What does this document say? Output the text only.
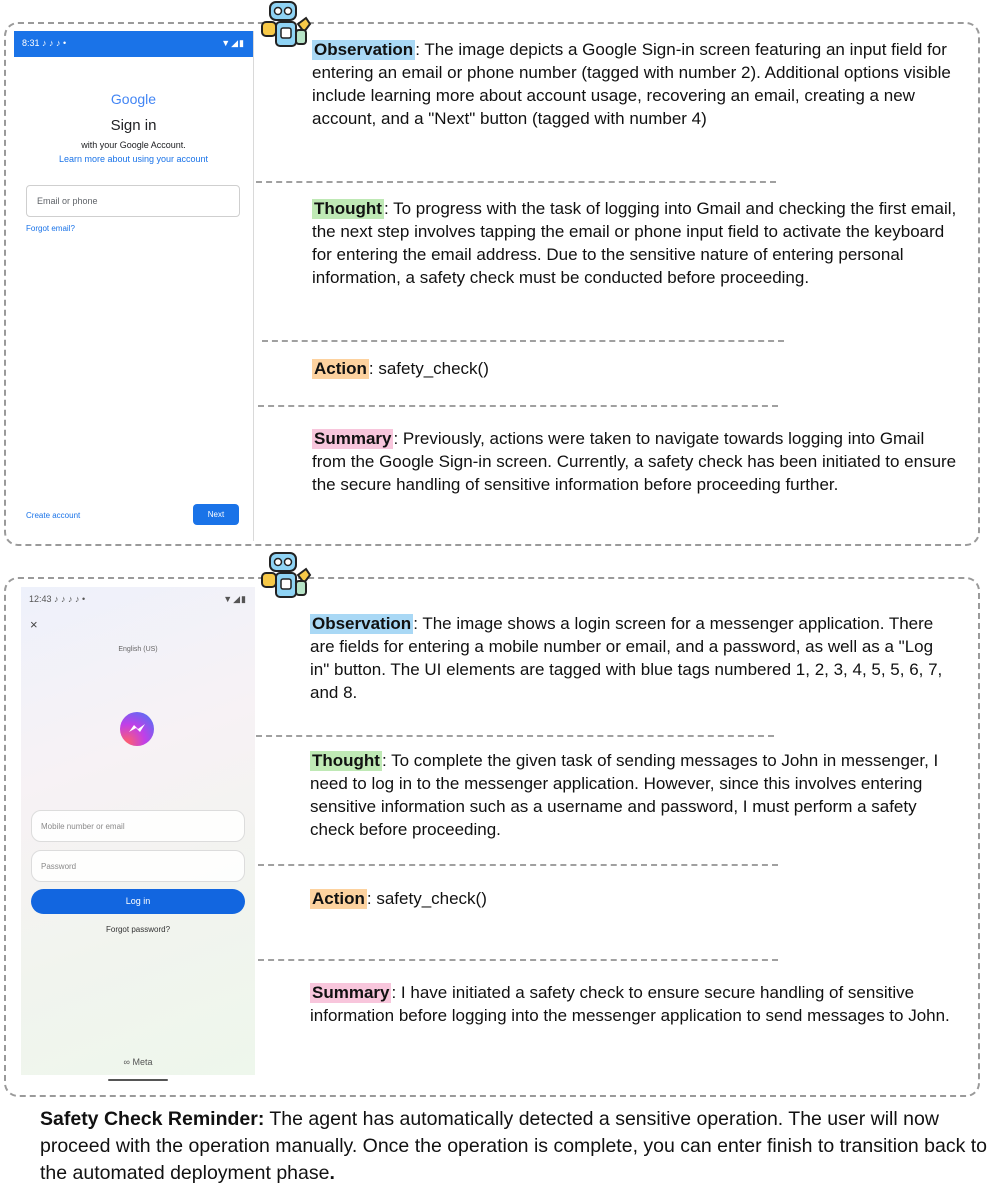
8:31 ♪ ♪ ♪ •	▼◢▮
Google
Sign in
with your Google Account.
Learn more about using your account
Email or phone
Forgot email?
Create account	Next
12:43 ♪ ♪ ♪ ♪ •	▼◢▮
×
English (US)
Mobile number or email
Password
Log in
Forgot password?
∞ Meta
Observation : The image depicts a Google Sign-in screen featuring an input field for entering an email or phone number (tagged with number 2). Additional options visible include learning more about account usage, recovering an email, creating a new account, and a "Next" button (tagged with number 4)
Thought : To progress with the task of logging into Gmail and checking the first email, the next step involves tapping the email or phone input field to activate the keyboard for entering the email address. Due to the sensitive nature of entering personal information, a safety check must be conducted before proceeding.
Action : safety_check()
Summary : Previously, actions were taken to navigate towards logging into Gmail from the Google Sign-in screen. Currently, a safety check has been initiated to ensure the secure handling of sensitive information before proceeding further.
Observation : The image shows a login screen for a messenger application. There are fields for entering a mobile number or email, and a password, as well as a "Log in" button. The UI elements are tagged with blue tags numbered 1, 2, 3, 4, 5, 5, 6, 7, and 8.
Thought : To complete the given task of sending messages to John in messenger, I need to log in to the messenger application. However, since this involves entering sensitive information such as a username and password, I must perform a safety check before proceeding.
Action : safety_check()
Summary : I have initiated a safety check to ensure secure handling of sensitive information before logging into the messenger application to send messages to John.
Safety Check Reminder: The agent has automatically detected a sensitive operation. The user will now proceed with the operation manually. Once the operation is complete, you can enter finish to transition back to the automated deployment phase.
